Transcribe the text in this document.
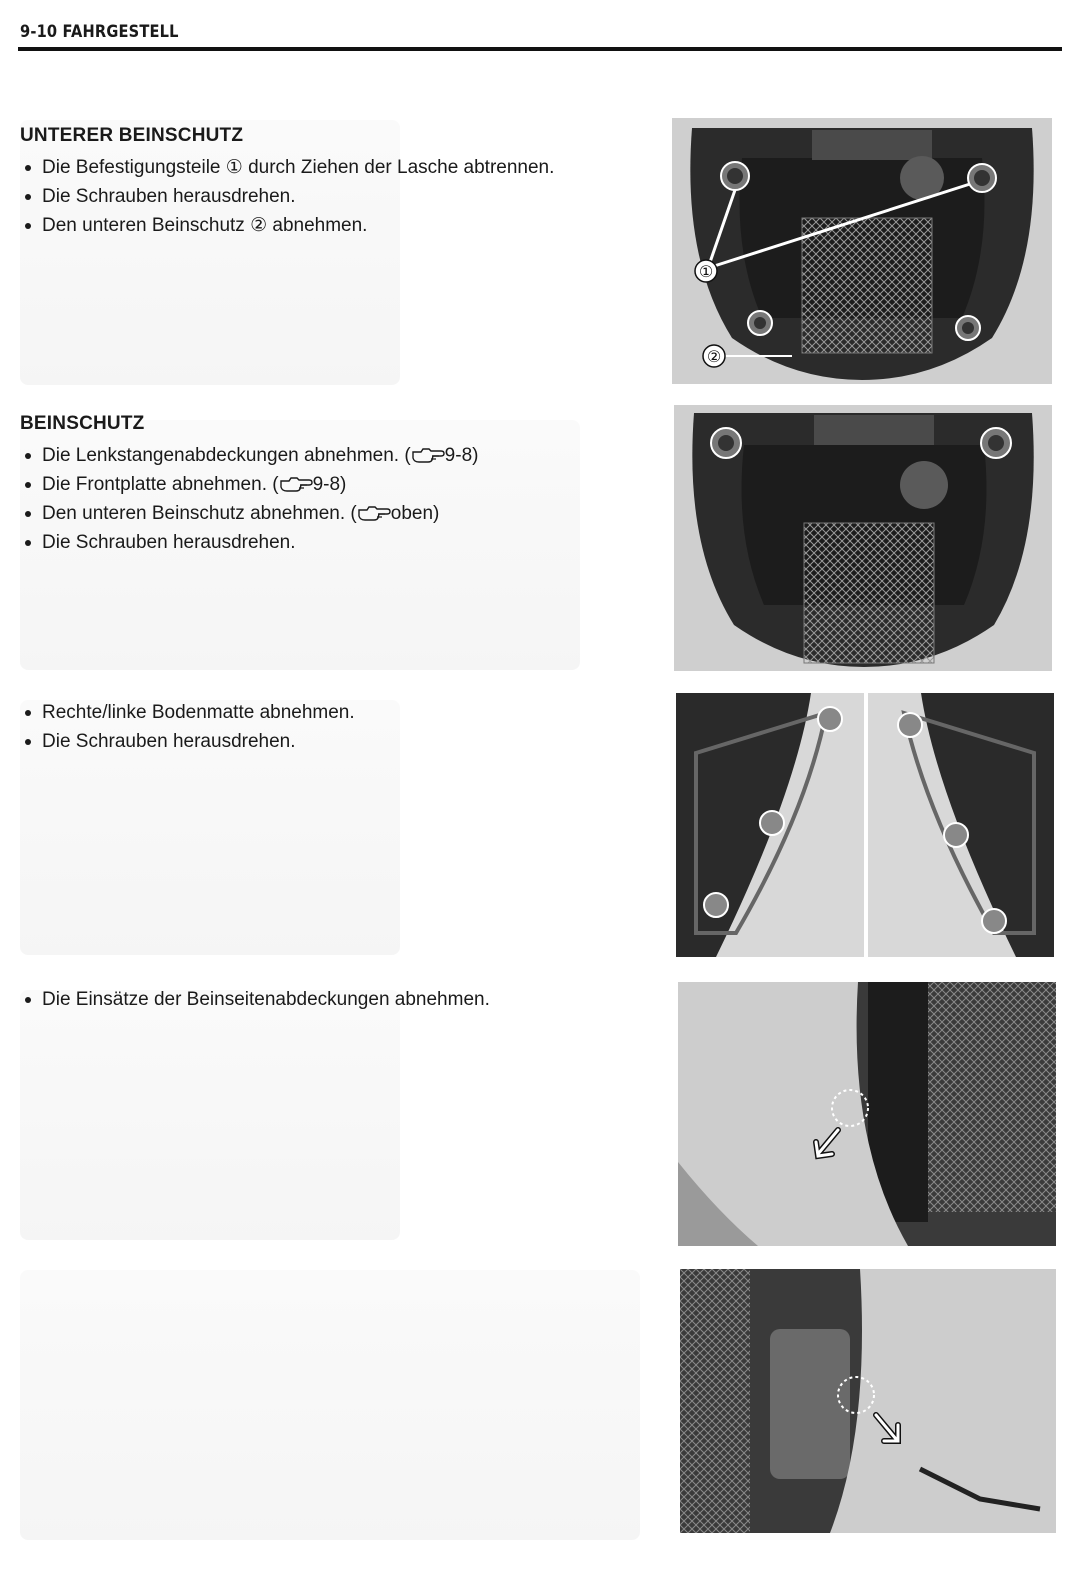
9-10 FAHRGESTELL
UNTERER BEINSCHUTZ
Die Befestigungsteile ① durch Ziehen der Lasche abtrennen.
Die Schrauben herausdrehen.
Den unteren Beinschutz ② abnehmen.
BEINSCHUTZ
Die Lenkstangenabdeckungen abnehmen. ( 9-8)
Die Frontplatte abnehmen. ( 9-8)
Den unteren Beinschutz abnehmen. ( oben)
Die Schrauben herausdrehen.
Rechte/linke Bodenmatte abnehmen.
Die Schrauben herausdrehen.
Die Einsätze der Beinseitenabdeckungen abnehmen.
①
②
